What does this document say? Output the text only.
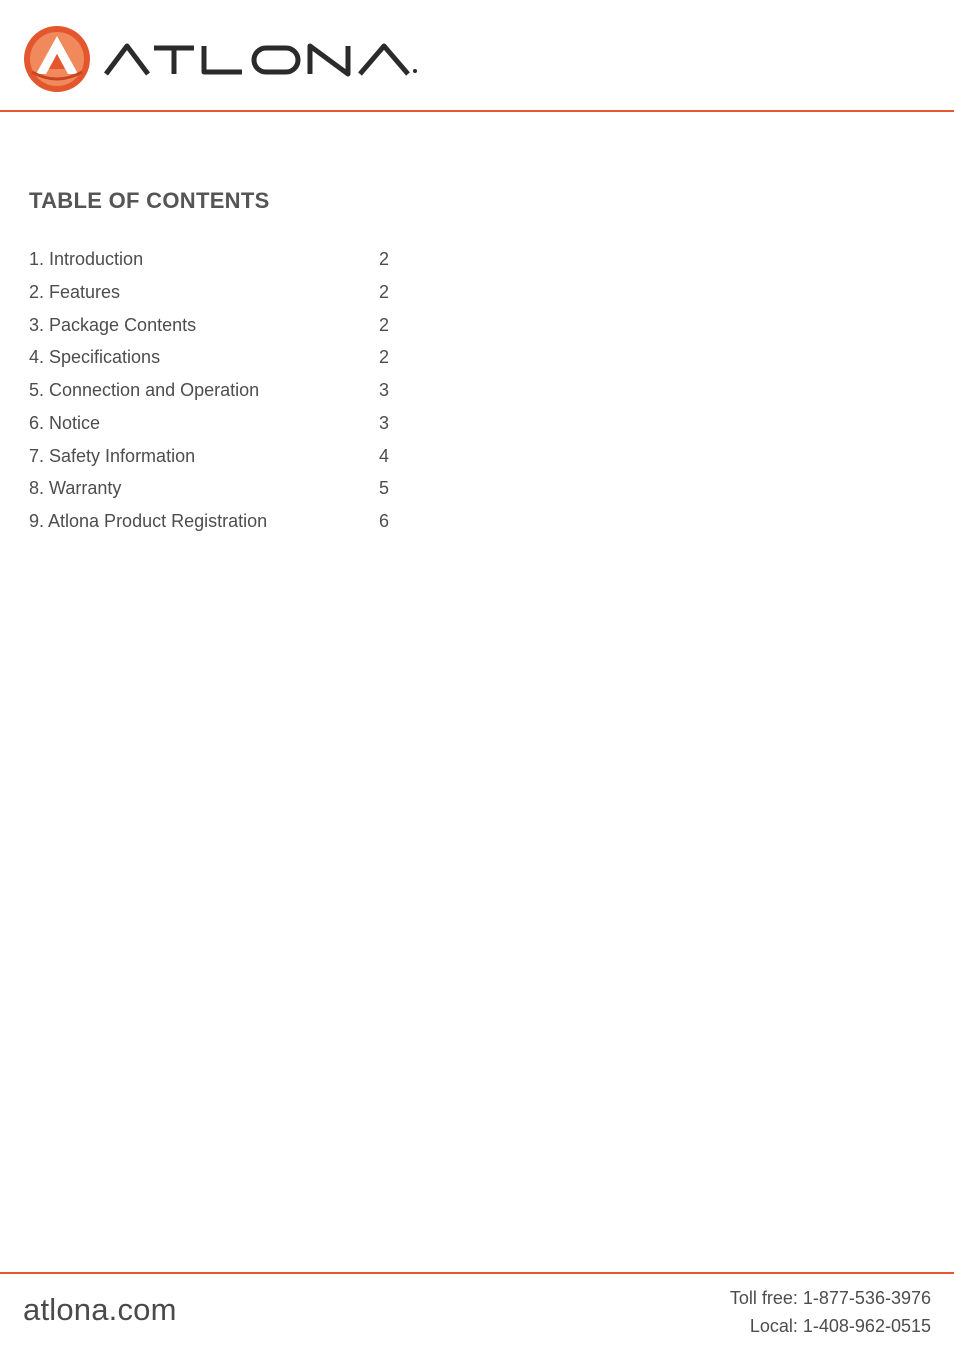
TABLE OF CONTENTS
1. Introduction	2
2. Features	2
3. Package Contents	2
4. Specifications	2
5. Connection and Operation	3
6. Notice	3
7. Safety Information	4
8. Warranty	5
9. Atlona Product Registration	6
atlona.com	Toll free: 1-877-536-3976
Local: 1-408-962-0515
